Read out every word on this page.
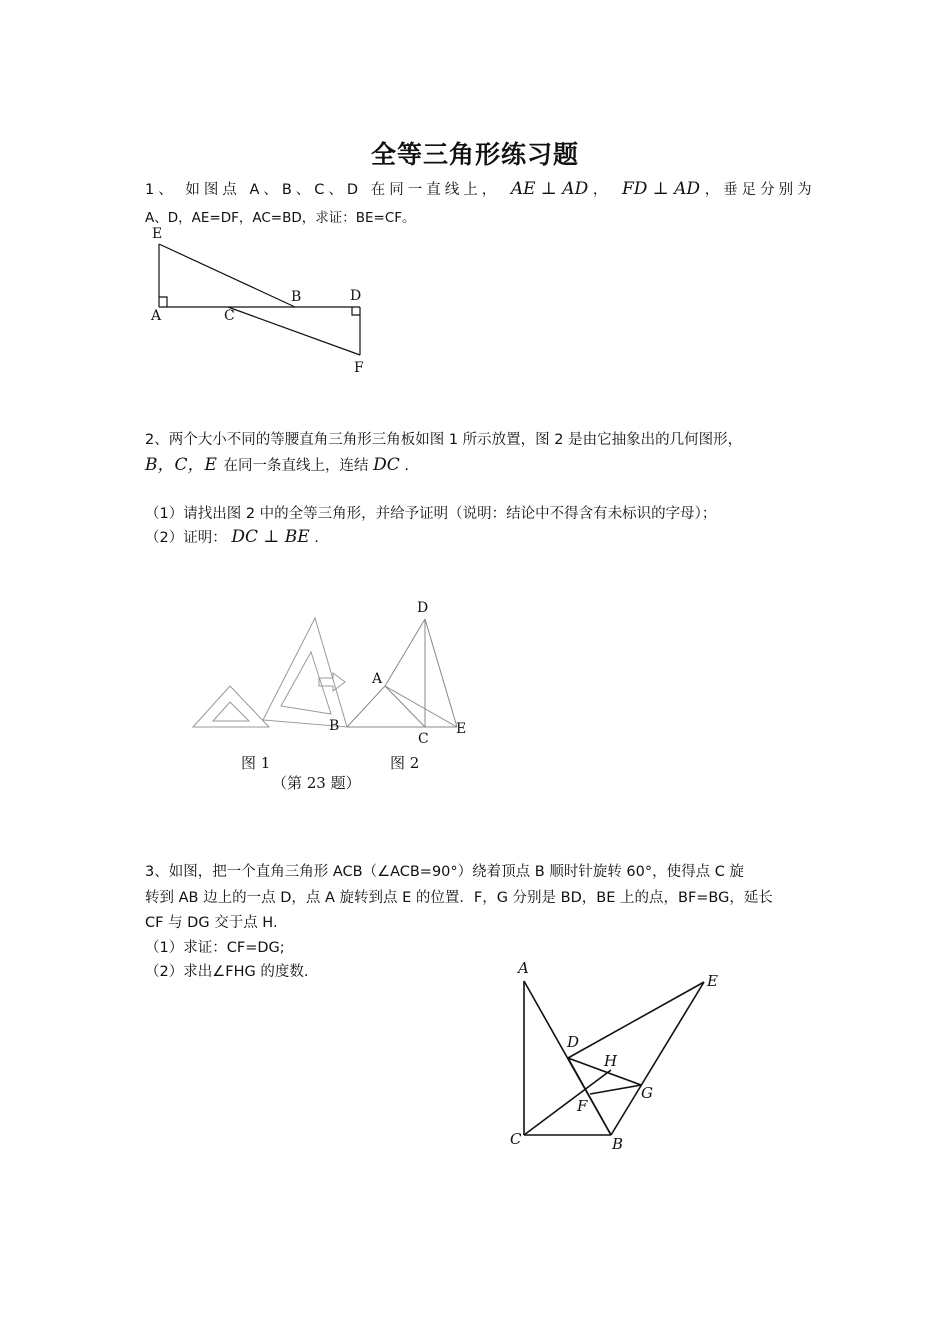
全等三角形练习题
1、 如图点 A、B、C、D 在同一直线上， AE ⊥ AD ， FD ⊥ AD ，垂足分别为
A、D，AE=DF，AC=BD，求证：BE=CF。
E
A
B
C
D
F
2、两个大小不同的等腰直角三角形三角板如图 1 所示放置，图 2 是由它抽象出的几何图形，
B，C，E 在同一条直线上，连结 DC .
（1）请找出图 2 中的全等三角形，并给予证明（说明：结论中不得含有未标识的字母）；
（2）证明： DC ⊥ BE .
D
A
B
C
E
图 1	图 2
（第 23 题）
3、如图，把一个直角三角形 ACB（∠ACB=90°）绕着顶点 B 顺时针旋转 60°，使得点 C 旋
转到 AB 边上的一点 D，点 A 旋转到点 E 的位置．F，G 分别是 BD，BE 上的点，BF=BG，延长
CF 与 DG 交于点 H.
（1）求证：CF=DG;
（2）求出∠FHG 的度数.	A
E
D
H
G
F
C	B
